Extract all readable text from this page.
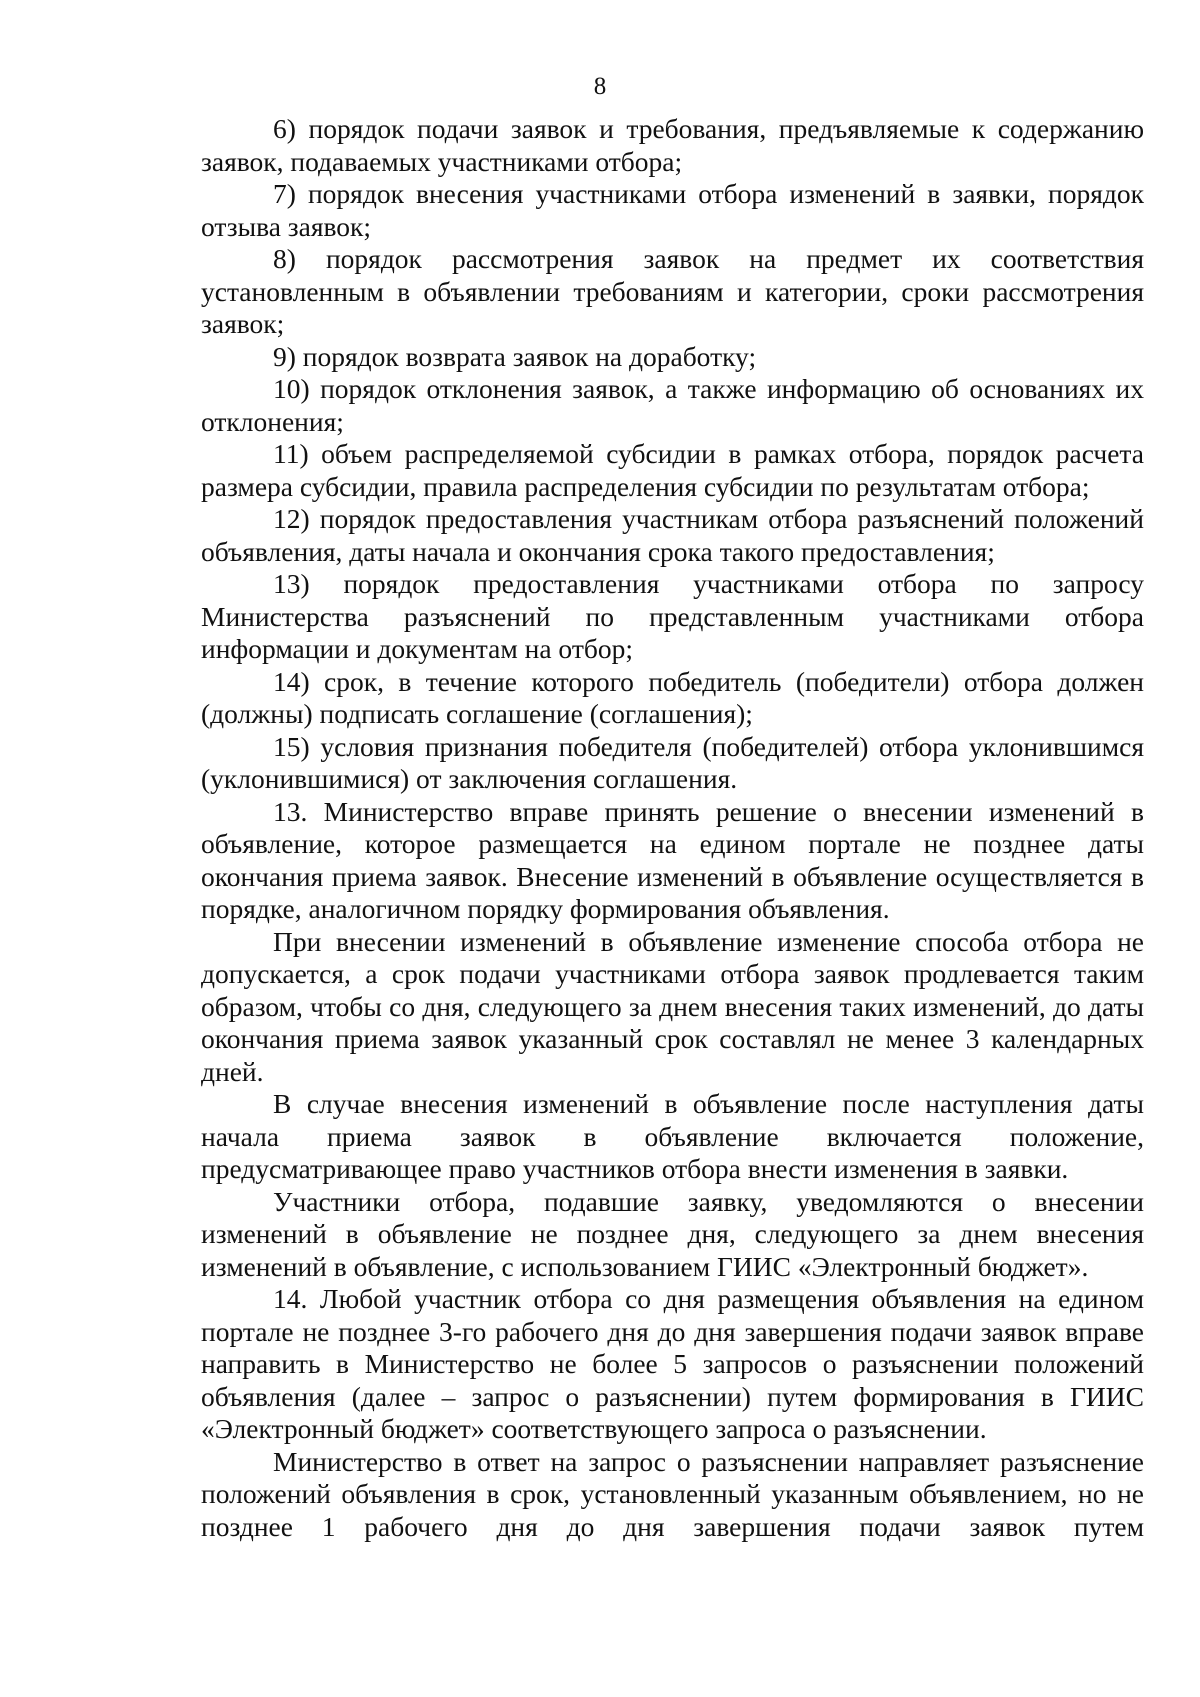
8

6) порядок подачи заявок и требования, предъявляемые к содержанию заявок, подаваемых участниками отбора;

7) порядок внесения участниками отбора изменений в заявки, порядок отзыва заявок;

8) порядок рассмотрения заявок на предмет их соответствия установленным в объявлении требованиям и категории, сроки рассмотрения заявок;

9) порядок возврата заявок на доработку;

10) порядок отклонения заявок, а также информацию об основаниях их отклонения;

11) объем распределяемой субсидии в рамках отбора, порядок расчета размера субсидии, правила распределения субсидии по результатам отбора;

12) порядок предоставления участникам отбора разъяснений положений объявления, даты начала и окончания срока такого предоставления;

13) порядок предоставления участниками отбора по запросу Министерства разъяснений по представленным участниками отбора информации и документам на отбор;

14) срок, в течение которого победитель (победители) отбора должен (должны) подписать соглашение (соглашения);

15) условия признания победителя (победителей) отбора уклонившимся (уклонившимися) от заключения соглашения.

13. Министерство вправе принять решение о внесении изменений в объявление, которое размещается на едином портале не позднее даты окончания приема заявок. Внесение изменений в объявление осуществляется в порядке, аналогичном порядку формирования объявления.

При внесении изменений в объявление изменение способа отбора не допускается, а срок подачи участниками отбора заявок продлевается таким образом, чтобы со дня, следующего за днем внесения таких изменений, до даты окончания приема заявок указанный срок составлял не менее 3 календарных дней.

В случае внесения изменений в объявление после наступления даты начала приема заявок в объявление включается положение, предусматривающее право участников отбора внести изменения в заявки.

Участники отбора, подавшие заявку, уведомляются о внесении изменений в объявление не позднее дня, следующего за днем внесения изменений в объявление, с использованием ГИИС «Электронный бюджет».

14. Любой участник отбора со дня размещения объявления на едином портале не позднее 3-го рабочего дня до дня завершения подачи заявок вправе направить в Министерство не более 5 запросов о разъяснении положений объявления (далее – запрос о разъяснении) путем формирования в ГИИС «Электронный бюджет» соответствующего запроса о разъяснении.

Министерство в ответ на запрос о разъяснении направляет разъяснение положений объявления в срок, установленный указанным объявлением, но не позднее 1 рабочего дня до дня завершения подачи заявок путем
